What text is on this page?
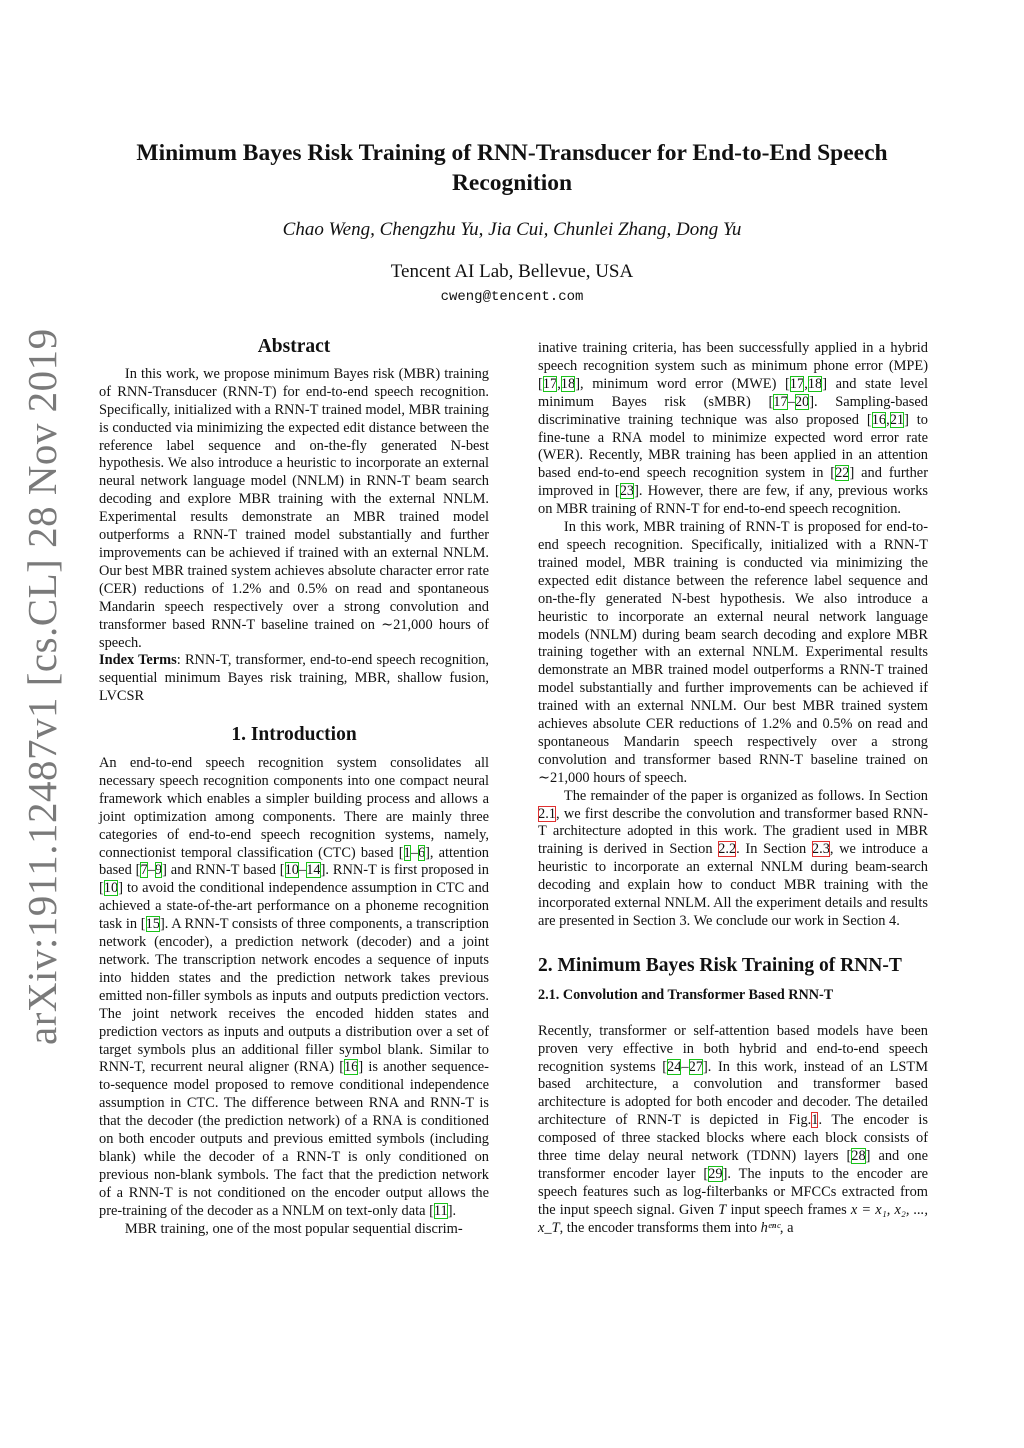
arXiv:1911.12487v1 [cs.CL] 28 Nov 2019
Minimum Bayes Risk Training of RNN-Transducer for End-to-End Speech Recognition
Chao Weng, Chengzhu Yu, Jia Cui, Chunlei Zhang, Dong Yu
Tencent AI Lab, Bellevue, USA
cweng@tencent.com
Abstract

In this work, we propose minimum Bayes risk (MBR) training of RNN-Transducer (RNN-T) for end-to-end speech recognition. Specifically, initialized with a RNN-T trained model, MBR training is conducted via minimizing the expected edit distance between the reference label sequence and on-the-fly generated N-best hypothesis. We also introduce a heuristic to incorporate an external neural network language model (NNLM) in RNN-T beam search decoding and explore MBR training with the external NNLM. Experimental results demonstrate an MBR trained model outperforms a RNN-T trained model substantially and further improvements can be achieved if trained with an external NNLM. Our best MBR trained system achieves absolute character error rate (CER) reductions of 1.2% and 0.5% on read and spontaneous Mandarin speech respectively over a strong convolution and transformer based RNN-T baseline trained on ∼21,000 hours of speech.

Index Terms: RNN-T, transformer, end-to-end speech recognition, sequential minimum Bayes risk training, MBR, shallow fusion, LVCSR

1. Introduction

An end-to-end speech recognition system consolidates all necessary speech recognition components into one compact neural framework which enables a simpler building process and allows a joint optimization among components. There are mainly three categories of end-to-end speech recognition systems, namely, connectionist temporal classification (CTC) based [1–6], attention based [7–9] and RNN-T based [10–14]. RNN-T is first proposed in [10] to avoid the conditional independence assumption in CTC and achieved a state-of-the-art performance on a phoneme recognition task in [15]. A RNN-T consists of three components, a transcription network (encoder), a prediction network (decoder) and a joint network. The transcription network encodes a sequence of inputs into hidden states and the prediction network takes previous emitted non-filler symbols as inputs and outputs prediction vectors. The joint network receives the encoded hidden states and prediction vectors as inputs and outputs a distribution over a set of target symbols plus an additional filler symbol blank. Similar to RNN-T, recurrent neural aligner (RNA) [16] is another sequence-to-sequence model proposed to remove conditional independence assumption in CTC. The difference between RNA and RNN-T is that the decoder (the prediction network) of a RNA is conditioned on both encoder outputs and previous emitted symbols (including blank) while the decoder of a RNN-T is only conditioned on previous non-blank symbols. The fact that the prediction network of a RNN-T is not conditioned on the encoder output allows the pre-training of the decoder as a NNLM on text-only data [11].

MBR training, one of the most popular sequential discrim-

inative training criteria, has been successfully applied in a hybrid speech recognition system such as minimum phone error (MPE) [17,18], minimum word error (MWE) [17,18] and state level minimum Bayes risk (sMBR) [17–20]. Sampling-based discriminative training technique was also proposed [16,21] to fine-tune a RNA model to minimize expected word error rate (WER). Recently, MBR training has been applied in an attention based end-to-end speech recognition system in [22] and further improved in [23]. However, there are few, if any, previous works on MBR training of RNN-T for end-to-end speech recognition.

In this work, MBR training of RNN-T is proposed for end-to-end speech recognition. Specifically, initialized with a RNN-T trained model, MBR training is conducted via minimizing the expected edit distance between the reference label sequence and on-the-fly generated N-best hypothesis. We also introduce a heuristic to incorporate an external neural network language models (NNLM) during beam search decoding and explore MBR training together with an external NNLM. Experimental results demonstrate an MBR trained model outperforms a RNN-T trained model substantially and further improvements can be achieved if trained with an external NNLM. Our best MBR trained system achieves absolute CER reductions of 1.2% and 0.5% on read and spontaneous Mandarin speech respectively over a strong convolution and transformer based RNN-T baseline trained on ∼21,000 hours of speech.

The remainder of the paper is organized as follows. In Section 2.1, we first describe the convolution and transformer based RNN-T architecture adopted in this work. The gradient used in MBR training is derived in Section 2.2. In Section 2.3, we introduce a heuristic to incorporate an external NNLM during beam-search decoding and explain how to conduct MBR training with the incorporated external NNLM. All the experiment details and results are presented in Section 3. We conclude our work in Section 4.

2. Minimum Bayes Risk Training of RNN-T
2.1. Convolution and Transformer Based RNN-T

Recently, transformer or self-attention based models have been proven very effective in both hybrid and end-to-end speech recognition systems [24–27]. In this work, instead of an LSTM based architecture, a convolution and transformer based architecture is adopted for both encoder and decoder. The detailed architecture of RNN-T is depicted in Fig.1. The encoder is composed of three stacked blocks where each block consists of three time delay neural network (TDNN) layers [28] and one transformer encoder layer [29]. The inputs to the encoder are speech features such as log-filterbanks or MFCCs extracted from the input speech signal. Given T input speech frames x = x₁, x₂, ..., x_T, the encoder transforms them into hᵉⁿᶜ, a
